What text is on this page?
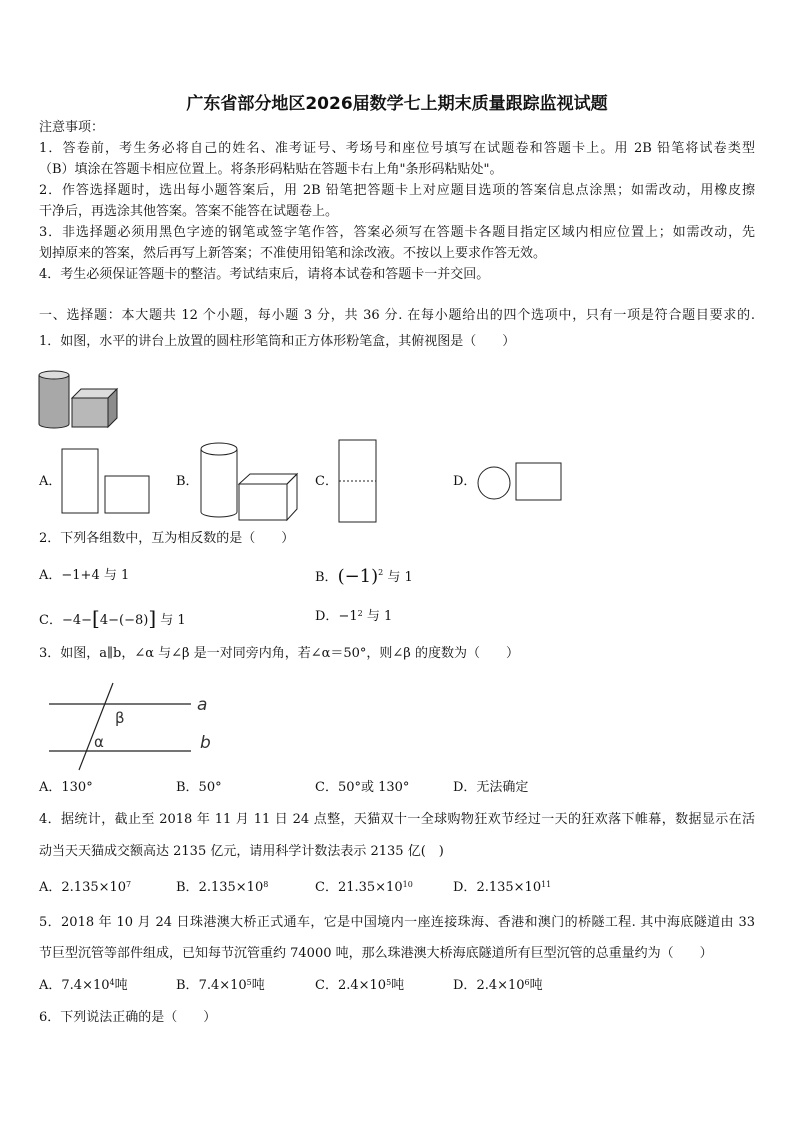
广东省部分地区2026届数学七上期末质量跟踪监视试题
注意事项：
1．答卷前，考生务必将自己的姓名、准考证号、考场号和座位号填写在试题卷和答题卡上。用 2B 铅笔将试卷类型
（B）填涂在答题卡相应位置上。将条形码粘贴在答题卡右上角"条形码粘贴处"。
2．作答选择题时，选出每小题答案后，用 2B 铅笔把答题卡上对应题目选项的答案信息点涂黑；如需改动，用橡皮擦
干净后，再选涂其他答案。答案不能答在试题卷上。
3．非选择题必须用黑色字迹的钢笔或签字笔作答，答案必须写在答题卡各题目指定区域内相应位置上；如需改动，先
划掉原来的答案，然后再写上新答案；不准使用铅笔和涂改液。不按以上要求作答无效。
4．考生必须保证答题卡的整洁。考试结束后，请将本试卷和答题卡一并交回。
一、选择题：本大题共 12 个小题，每小题 3 分，共 36 分. 在每小题给出的四个选项中，只有一项是符合题目要求的.
1．如图，水平的讲台上放置的圆柱形笔筒和正方体形粉笔盒，其俯视图是（　　）
A．	B．	C．	D．
2．下列各组数中，互为相反数的是（　　）
A．−1+4 与 1	B．$(-1)^2$ 与 1
C．−4−[4−(−8)] 与 1	D．$-1^2$ 与 1
3．如图，a∥b，∠α 与∠β 是一对同旁内角，若∠α＝50°，则∠β 的度数为（　　）
a
b
β
α
A．130°	B．50°	C．50°或 130°	D．无法确定
4．据统计，截止至 2018 年 11 月 11 日 24 点整，天猫双十一全球购物狂欢节经过一天的狂欢落下帷幕，数据显示在活
动当天天猫成交额高达 2135 亿元，请用科学计数法表示 2135 亿(　)
A．$2.135\times 10^7$	B．$2.135\times 10^8$	C．$21.35\times 10^{10}$	D．$2.135\times 10^{11}$
5．2018 年 10 月 24 日珠港澳大桥正式通车，它是中国境内一座连接珠海、香港和澳门的桥隧工程. 其中海底隧道由 33
节巨型沉管等部件组成，已知每节沉管重约 74000 吨，那么珠港澳大桥海底隧道所有巨型沉管的总重量约为（　　）
A．$7.4\times 10^4$吨	B．$7.4\times 10^5$吨	C．$2.4\times 10^5$吨	D．$2.4\times 10^6$吨
6．下列说法正确的是（　　）
